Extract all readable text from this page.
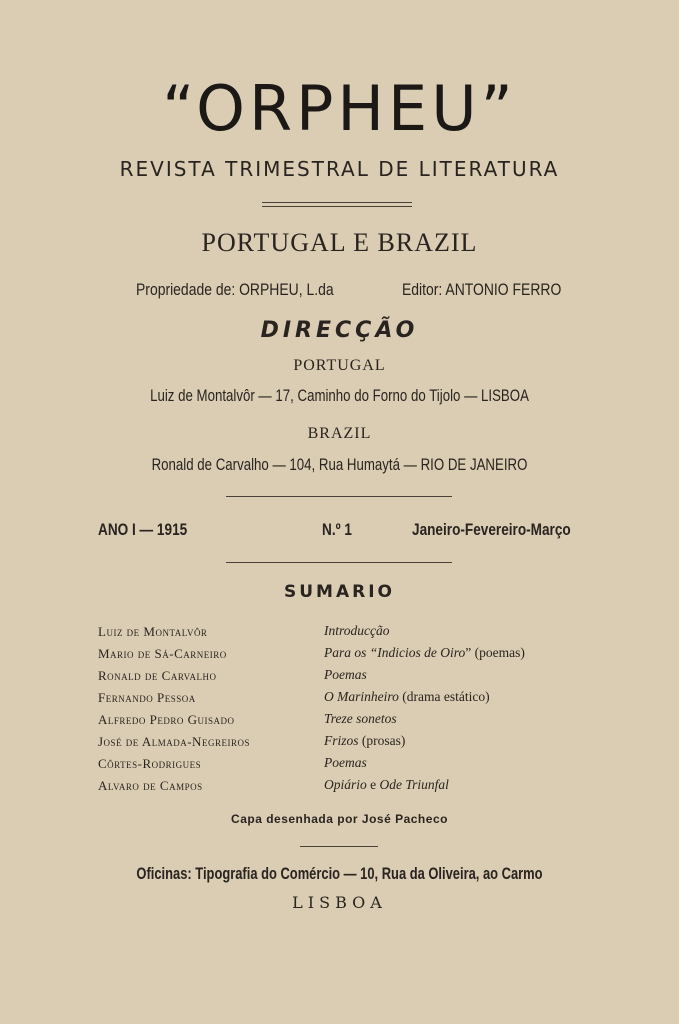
“ORPHEU”
REVISTA TRIMESTRAL DE LITERATURA
PORTUGAL E BRAZIL
Propriedade de: ORPHEU, L.da	Editor: ANTONIO FERRO
DIRECÇÃO
PORTUGAL
Luiz de Montalvôr — 17, Caminho do Forno do Tijolo — LISBOA
BRAZIL
Ronald de Carvalho — 104, Rua Humaytá — RIO DE JANEIRO
ANO I — 1915	N.º 1	Janeiro-Fevereiro-Março
SUMARIO
Luiz de Montalvôr	Introducção
Mario de Sá-Carneiro	Para os “Indicios de Oiro” (poemas)
Ronald de Carvalho	Poemas
Fernando Pessoa	O Marinheiro (drama estático)
Alfredo Pedro Guisado	Treze sonetos
José de Almada-Negreiros	Frizos (prosas)
Côrtes-Rodrigues	Poemas
Alvaro de Campos	Opiário e Ode Triunfal
Capa desenhada por José Pacheco
Oficinas: Tipografia do Comércio — 10, Rua da Oliveira, ao Carmo
LISBOA
